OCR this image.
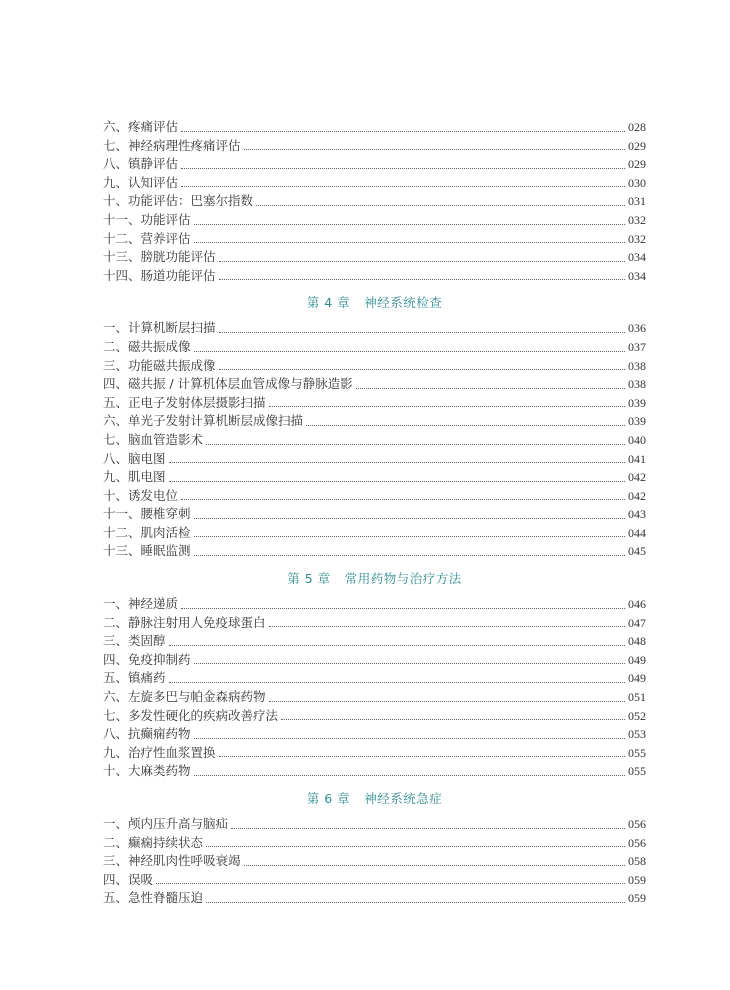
六、疼痛评估	028
七、神经病理性疼痛评估	029
八、镇静评估	029
九、认知评估	030
十、功能评估：巴塞尔指数	031
十一、功能评估	032
十二、营养评估	032
十三、膀胱功能评估	034
十四、肠道功能评估	034
第 4 章 神经系统检查
一、计算机断层扫描	036
二、磁共振成像	037
三、功能磁共振成像	038
四、磁共振 / 计算机体层血管成像与静脉造影	038
五、正电子发射体层摄影扫描	039
六、单光子发射计算机断层成像扫描	039
七、脑血管造影术	040
八、脑电图	041
九、肌电图	042
十、诱发电位	042
十一、腰椎穿刺	043
十二、肌肉活检	044
十三、睡眠监测	045
第 5 章 常用药物与治疗方法
一、神经递质	046
二、静脉注射用人免疫球蛋白	047
三、类固醇	048
四、免疫抑制药	049
五、镇痛药	049
六、左旋多巴与帕金森病药物	051
七、多发性硬化的疾病改善疗法	052
八、抗癫痫药物	053
九、治疗性血浆置换	055
十、大麻类药物	055
第 6 章 神经系统急症
一、颅内压升高与脑疝	056
二、癫痫持续状态	056
三、神经肌肉性呼吸衰竭	058
四、误吸	059
五、急性脊髓压迫	059
